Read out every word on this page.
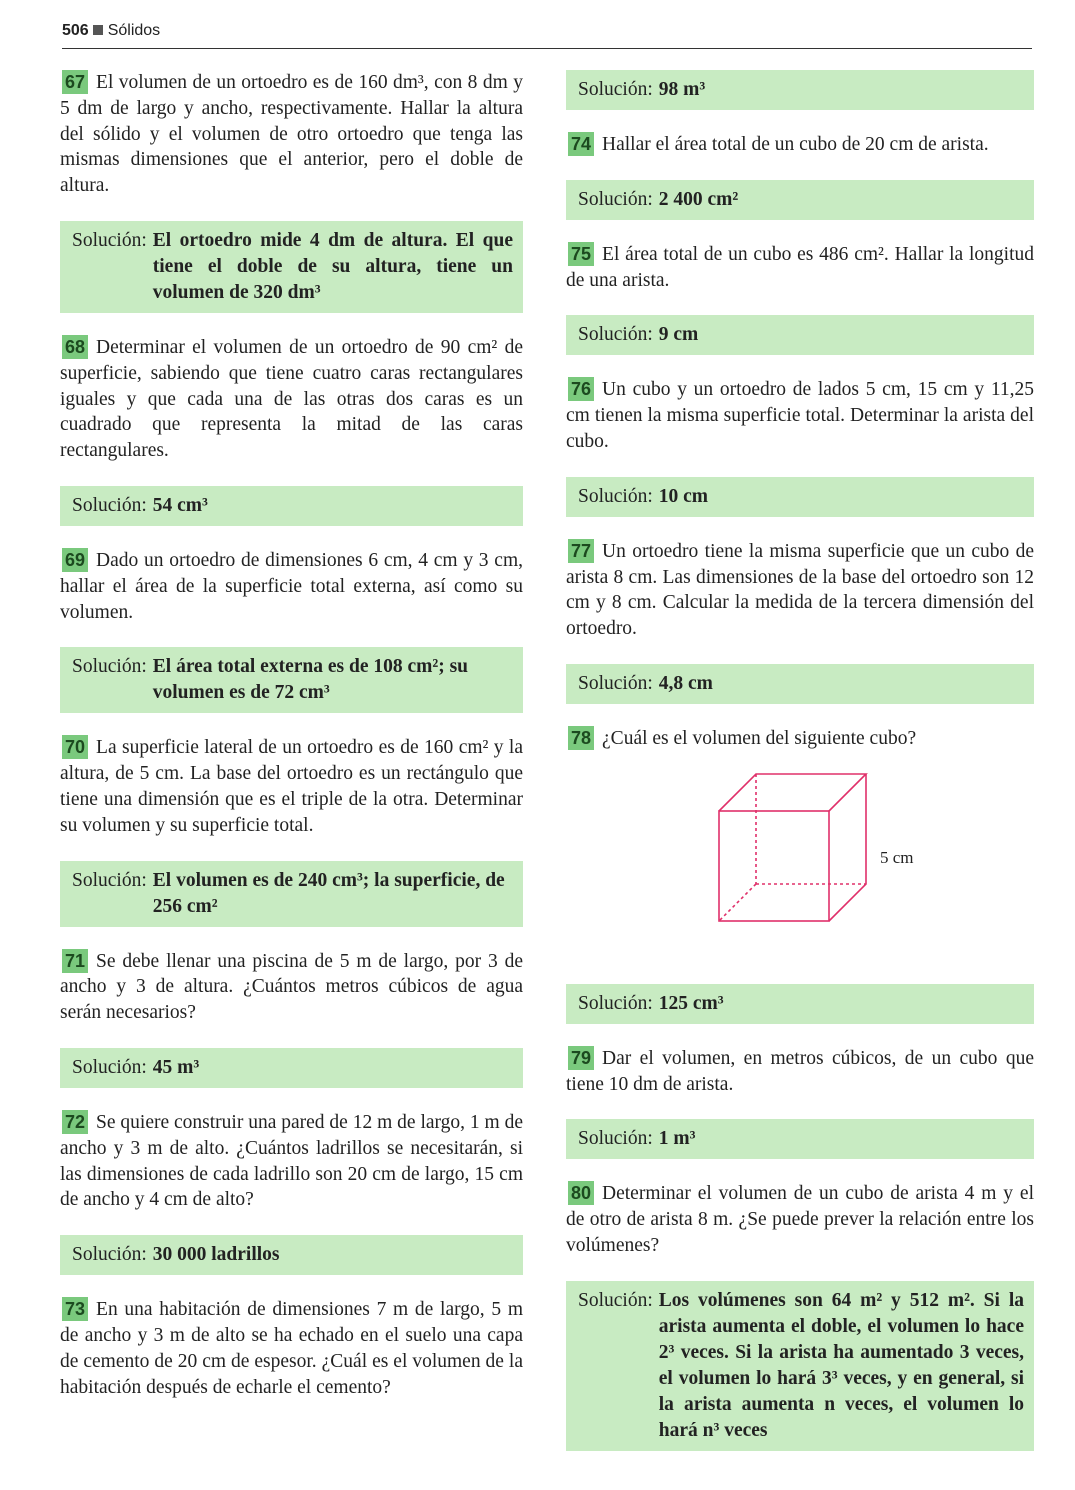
506 Sólidos
67 El volumen de un ortoedro es de 160 dm³, con 8 dm y 5 dm de largo y ancho, respectivamente. Hallar la altura del sólido y el volumen de otro ortoedro que tenga las mismas dimensiones que el anterior, pero el doble de altura.
Solución: El ortoedro mide 4 dm de altura. El que tiene el doble de su altura, tiene un volumen de 320 dm³
68 Determinar el volumen de un ortoedro de 90 cm² de superficie, sabiendo que tiene cuatro caras rectangulares iguales y que cada una de las otras dos caras es un cuadrado que representa la mitad de las caras rectangulares.
Solución: 54 cm³
69 Dado un ortoedro de dimensiones 6 cm, 4 cm y 3 cm, hallar el área de la superficie total externa, así como su volumen.
Solución: El área total externa es de 108 cm²; su volumen es de 72 cm³
70 La superficie lateral de un ortoedro es de 160 cm² y la altura, de 5 cm. La base del ortoedro es un rectángulo que tiene una dimensión que es el triple de la otra. Determinar su volumen y su superficie total.
Solución: El volumen es de 240 cm³; la superficie, de 256 cm²
71 Se debe llenar una piscina de 5 m de largo, por 3 de ancho y 3 de altura. ¿Cuántos metros cúbicos de agua serán necesarios?
Solución: 45 m³
72 Se quiere construir una pared de 12 m de largo, 1 m de ancho y 3 m de alto. ¿Cuántos ladrillos se necesitarán, si las dimensiones de cada ladrillo son 20 cm de largo, 15 cm de ancho y 4 cm de alto?
Solución: 30 000 ladrillos
73 En una habitación de dimensiones 7 m de largo, 5 m de ancho y 3 m de alto se ha echado en el suelo una capa de cemento de 20 cm de espesor. ¿Cuál es el volumen de la habitación después de echarle el cemento?
Solución: 98 m³
74 Hallar el área total de un cubo de 20 cm de arista.
Solución: 2 400 cm²
75 El área total de un cubo es 486 cm². Hallar la longitud de una arista.
Solución: 9 cm
76 Un cubo y un ortoedro de lados 5 cm, 15 cm y 11,25 cm tienen la misma superficie total. Determinar la arista del cubo.
Solución: 10 cm
77 Un ortoedro tiene la misma superficie que un cubo de arista 8 cm. Las dimensiones de la base del ortoedro son 12 cm y 8 cm. Calcular la medida de la tercera dimensión del ortoedro.
Solución: 4,8 cm
78 ¿Cuál es el volumen del siguiente cubo?
5 cm
Solución: 125 cm³
79 Dar el volumen, en metros cúbicos, de un cubo que tiene 10 dm de arista.
Solución: 1 m³
80 Determinar el volumen de un cubo de arista 4 m y el de otro de arista 8 m. ¿Se puede prever la relación entre los volúmenes?
Solución: Los volúmenes son 64 m² y 512 m². Si la arista aumenta el doble, el volumen lo hace 2³ veces. Si la arista ha aumentado 3 veces, el volumen lo hará 3³ veces, y en general, si la arista aumenta n veces, el volumen lo hará n³ veces
